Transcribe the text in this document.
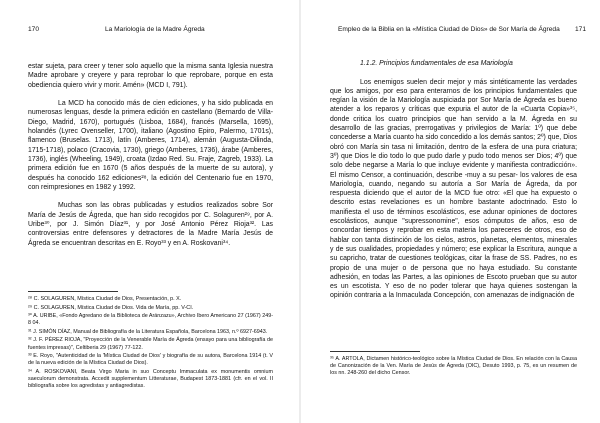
170	La Mariología de la Madre Ágreda

estar sujeta, para creer y tener solo aquello que la misma santa Iglesia nuestra Madre aprobare y creyere y para reprobar lo que reprobare, porque en esta obediencia quiero vivir y morir. Amén» (MCD I, 791).

La MCD ha conocido más de cien ediciones, y ha sido publicada en numerosas lenguas, desde la primera edición en castellano (Bernardo de Villa-Diego, Madrid, 1670), portugués (Lisboa, 1684), francés (Marsella, 1695), holandés (Lyrec Ovenseller, 1700), italiano (Agostino Epiro, Palermo, 1701s), flamenco (Bruselas. 1713), latín (Amberes, 1714), alemán (Augusta-Dilinda, 1715-1718), polaco (Cracovia, 1730), griego (Amberes, 1736), árabe (Amberes, 1736), inglés (Wheeling, 1949), croata (Izdao Red. Su. Fraje, Zagreb, 1933). La primera edición fue en 1670 (5 años después de la muerte de su autora), y después ha conocido 162 ediciones²⁸, la edición del Centenario fue en 1970, con reimpresiones en 1982 y 1992.

Muchas son las obras publicadas y estudios realizados sobre Sor María de Jesús de Ágreda, que han sido recogidos por C. Solaguren²⁹, por A. Uribe³⁰, por J. Simón Díaz³¹, y por José Antonio Pérez Rioja³². Las controversias entre defensores y detractores de la Madre María Jesús de Ágreda se encuentran descritas en E. Royo³³ y en A. Roskovani³⁴.

²⁸ C. SOLAGUREN, Mística Ciudad de Dios, Presentación, p. X.

²⁹ C. SOLAGUREN, Mística Ciudad de Dios. Vida de María, pp. V-CI.

³⁰ A. URIBE, «Fondo Agredano de la Biblioteca de Aránzazu», Archivo Ibero Americano 27 (1967) 249-8 04.

³¹ J. SIMÓN DÍAZ, Manual de Bibliografía de la Literatura Española, Barcelona 1963, n.º 6927-6943.

³² J. F. PÉREZ RIOJA, "Proyección de la Venerable María de Ágreda (ensayo para una bibliografía de fuentes impresas)", Celtiberia 29 (1967) 77-122.

³³ E. Royo, "Autenticidad de la 'Mística Ciudad de Dios' y biografía de su autora, Barcelona 1914 (t. V de la nueva edición de la Mística Ciudad de Dios).

³⁴ A. ROSKOVANI, Beata Virgo Maria in suo Conceptu Immaculata ex monumentis omnium saeculorum demonstrata. Accedit supplementum Litteraturae, Budapest 1873-1881 (cfr. en el vol. II bibliografía sobre los agredistas y antiagredistas.

Empleo de la Biblia en la «Mística Ciudad de Dios» de Sor María de Ágreda 171
1.1.2. Principios fundamentales de esa Mariología

Los enemigos suelen decir mejor y más sintéticamente las verdades que los amigos, por eso para enterarnos de los principios fundamentales que regían la visión de la Mariología auspiciada por Sor María de Ágreda es bueno atender a los reparos y críticas que expuria el autor de la «Cuarta Copia»³⁵, donde critica los cuatro principios que han servido a la M. Ágreda en su desarrollo de las gracias, prerrogativas y privilegios de María: 1º) que debe concederse a María cuanto ha sido concedido a los demás santos; 2º) que, Dios obró con María sin tasa ni limitación, dentro de la esfera de una pura criatura; 3º) que Dios le dio todo lo que pudo darle y pudo todo menos ser Dios; 4º) que solo debe negarse a María lo que incluye evidente y manifiesta contradicción». El mismo Censor, a continuación, describe -muy a su pesar- los valores de esa Mariología, cuando, negando su autoría a Sor María de Ágreda, da por respuesta diciendo que el autor de la MCD fue otro: «El que ha expuesto o descrito estas revelaciones es un hombre bastante adoctrinado. Esto lo manifiesta el uso de términos escolásticos, ese adunar opiniones de doctores escolásticos, aunque "supressonomine", esos cómputos de años, eso de concordar tiempos y reprobar en esta materia los pareceres de otros, eso de hablar con tanta distinción de los cielos, astros, planetas, elementos, minerales y de sus cualidades, propiedades y número; ese explicar la Escritura, aunque a su capricho, tratar de cuestiones teológicas, citar la frase de SS. Padres, no es propio de una mujer o de persona que no haya estudiado. Su constante adhesión, en todas las Partes, a las opiniones de Escoto prueban que su autor es un escotista. Y eso de no poder tolerar que haya quienes sostengan la opinión contraria a la Inmaculada Concepción, con amenazas de indignación de

³⁵ A. ARTOLA, Dictamen histórico-teológico sobre la Mística Ciudad de Dios. En relación con la Causa de Canonización de la Ven. María de Jesús de Ágreda (OIC), Desuto 1993, p. 75, es un resumen de los nn. 248-260 del dicho Censor.
